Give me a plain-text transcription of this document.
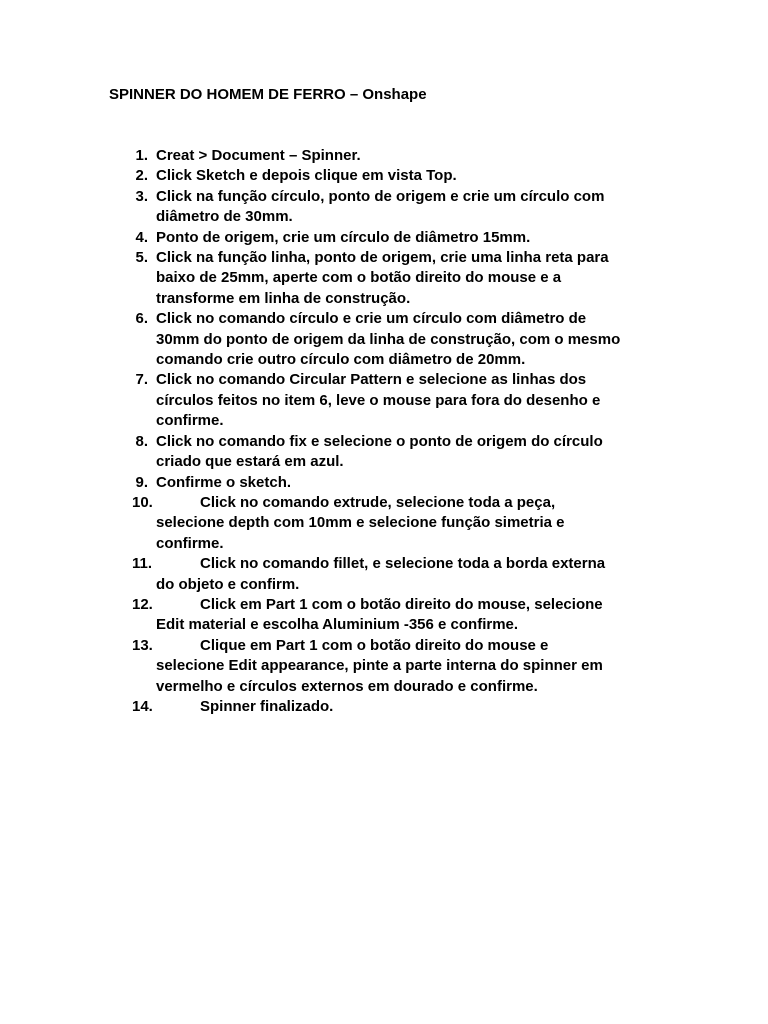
SPINNER DO HOMEM DE FERRO – Onshape
1. Creat > Document – Spinner.
2. Click Sketch e depois clique em vista Top.
3. Click na função círculo, ponto de origem e crie um círculo com
diâmetro de 30mm.
4. Ponto de origem, crie um círculo de diâmetro 15mm.
5. Click na função linha, ponto de origem, crie uma linha reta para
baixo de 25mm, aperte com o botão direito do mouse e a
transforme em linha de construção.
6. Click no comando círculo e crie um círculo com diâmetro de
30mm do ponto de origem da linha de construção, com o mesmo
comando crie outro círculo com diâmetro de 20mm.
7. Click no comando Circular Pattern e selecione as linhas dos
círculos feitos no item 6, leve o mouse para fora do desenho e
confirme.
8. Click no comando fix e selecione o ponto de origem do círculo
criado que estará em azul.
9. Confirme o sketch.
10.	Click no comando extrude, selecione toda a peça,
selecione depth com 10mm e selecione função simetria e
confirme.
11.	Click no comando fillet, e selecione toda a borda externa
do objeto e confirm.
12.	Click em Part 1 com o botão direito do mouse, selecione
Edit material e escolha Aluminium -356 e confirme.
13.	Clique em Part 1 com o botão direito do mouse e
selecione Edit appearance, pinte a parte interna do spinner em
vermelho e círculos externos em dourado e confirme.
14.	Spinner finalizado.
